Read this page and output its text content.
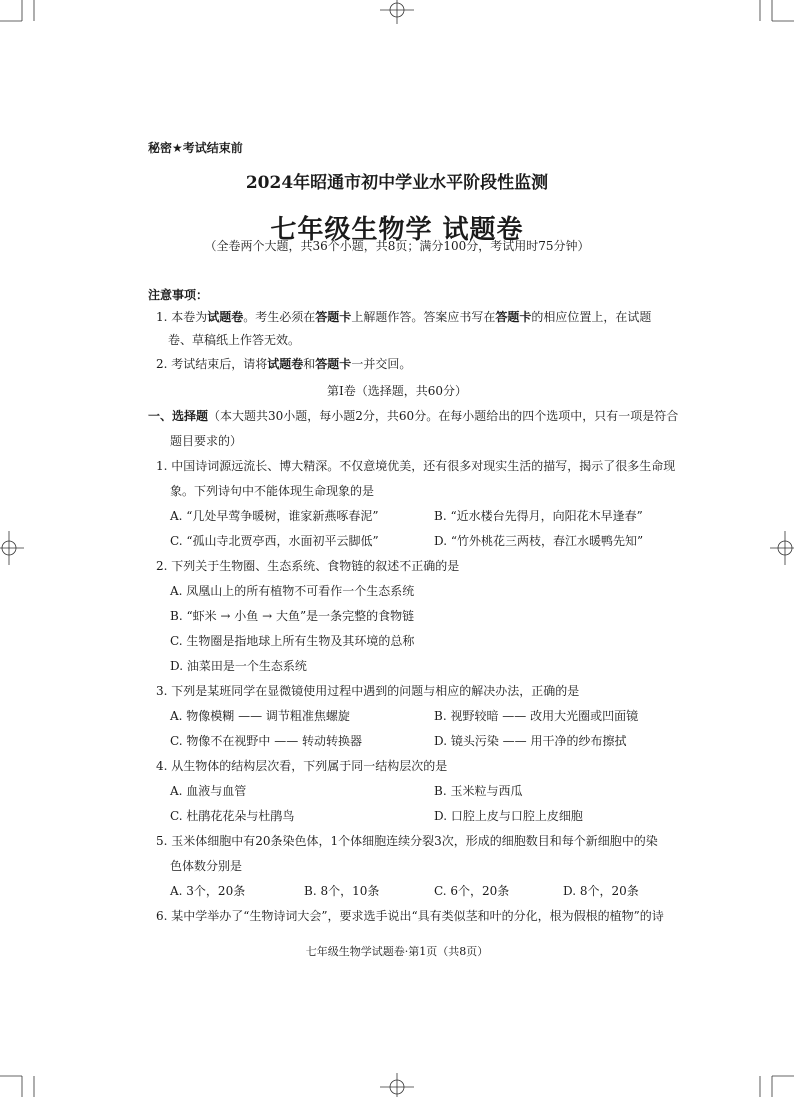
秘密★考试结束前
2024年昭通市初中学业水平阶段性监测
七年级生物学 试题卷
（全卷两个大题，共36个小题，共8页；满分100分，考试用时75分钟）
注意事项：
1. 本卷为试题卷。考生必须在答题卡上解题作答。答案应书写在答题卡的相应位置上，在试题
卷、草稿纸上作答无效。
2. 考试结束后，请将试题卷和答题卡一并交回。
第Ⅰ卷（选择题，共60分）
一、选择题（本大题共30小题，每小题2分，共60分。在每小题给出的四个选项中，只有一项是符合
题目要求的）
1. 中国诗词源远流长、博大精深。不仅意境优美，还有很多对现实生活的描写，揭示了很多生命现
象。下列诗句中不能体现生命现象的是
A. “几处早莺争暖树，谁家新燕啄春泥”	B. “近水楼台先得月，向阳花木早逢春”
C. “孤山寺北贾亭西，水面初平云脚低”	D. “竹外桃花三两枝，春江水暖鸭先知”
2. 下列关于生物圈、生态系统、食物链的叙述不正确的是
A. 凤凰山上的所有植物不可看作一个生态系统
B. “虾米 → 小鱼 → 大鱼”是一条完整的食物链
C. 生物圈是指地球上所有生物及其环境的总称
D. 油菜田是一个生态系统
3. 下列是某班同学在显微镜使用过程中遇到的问题与相应的解决办法，正确的是
A. 物像模糊 —— 调节粗准焦螺旋	B. 视野较暗 —— 改用大光圈或凹面镜
C. 物像不在视野中 —— 转动转换器	D. 镜头污染 —— 用干净的纱布擦拭
4. 从生物体的结构层次看，下列属于同一结构层次的是
A. 血液与血管	B. 玉米粒与西瓜
C. 杜鹃花花朵与杜鹃鸟	D. 口腔上皮与口腔上皮细胞
5. 玉米体细胞中有20条染色体，1个体细胞连续分裂3次，形成的细胞数目和每个新细胞中的染
色体数分别是
A. 3个，20条	B. 8个，10条	C. 6个，20条	D. 8个，20条
6. 某中学举办了“生物诗词大会”，要求选手说出“具有类似茎和叶的分化，根为假根的植物”的诗
七年级生物学试题卷·第1页（共8页）
